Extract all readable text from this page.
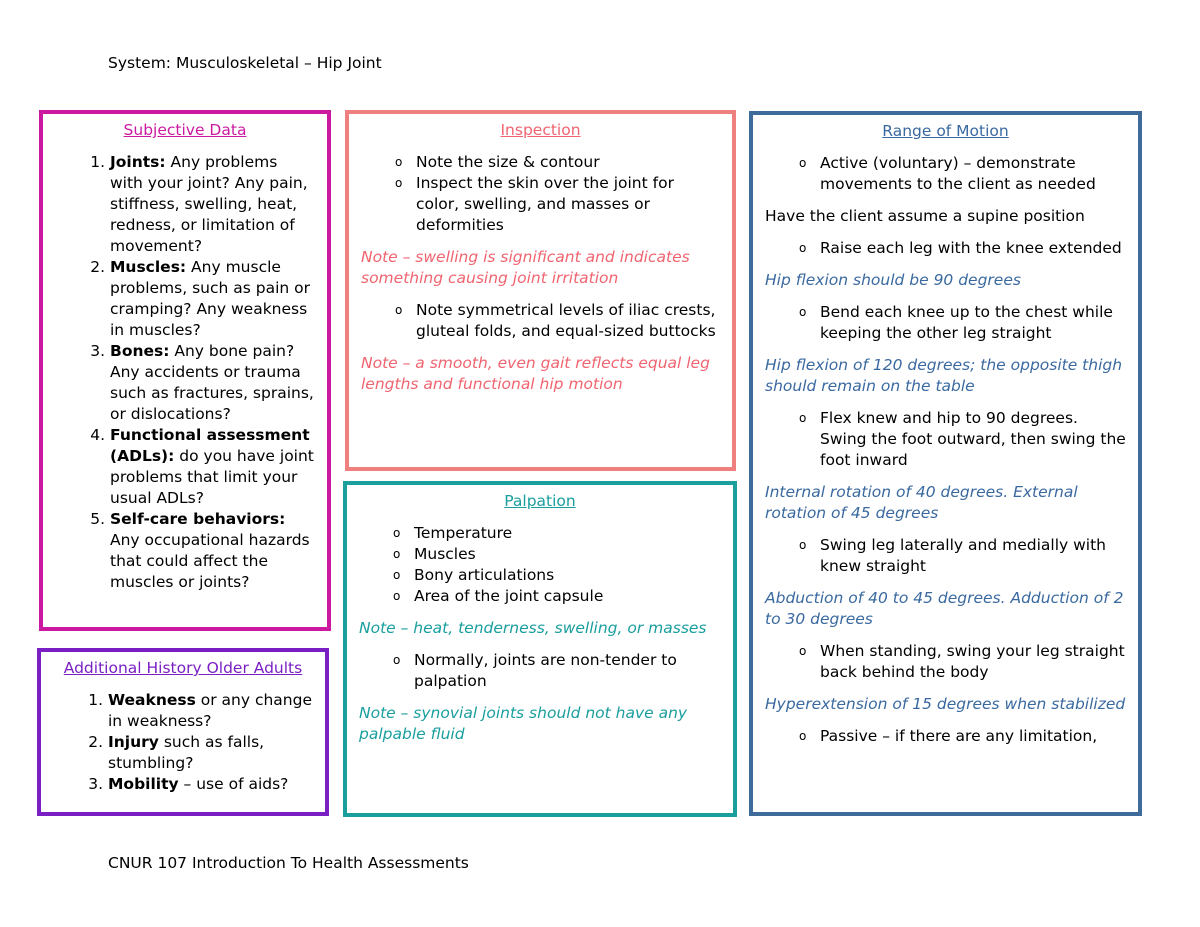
System: Musculoskeletal – Hip Joint
Subjective Data
1. Joints: Any problems with your joint? Any pain, stiffness, swelling, heat, redness, or limitation of movement?
2. Muscles: Any muscle problems, such as pain or cramping? Any weakness in muscles?
3. Bones: Any bone pain? Any accidents or trauma such as fractures, sprains, or dislocations?
4. Functional assessment (ADLs): do you have joint problems that limit your usual ADLs?
5. Self-care behaviors: Any occupational hazards that could affect the muscles or joints?
Additional History Older Adults
1. Weakness or any change in weakness?
2. Injury such as falls, stumbling?
3. Mobility – use of aids?
Inspection
o Note the size & contour
o Inspect the skin over the joint for color, swelling, and masses or deformities

Note – swelling is significant and indicates something causing joint irritation

o Note symmetrical levels of iliac crests, gluteal folds, and equal-sized buttocks

Note – a smooth, even gait reflects equal leg lengths and functional hip motion

Palpation
o Temperature
o Muscles
o Bony articulations
o Area of the joint capsule

Note – heat, tenderness, swelling, or masses

o Normally, joints are non-tender to palpation

Note – synovial joints should not have any palpable fluid

Range of Motion
o Active (voluntary) – demonstrate movements to the client as needed

Have the client assume a supine position

o Raise each leg with the knee extended

Hip flexion should be 90 degrees

o Bend each knee up to the chest while keeping the other leg straight

Hip flexion of 120 degrees; the opposite thigh should remain on the table

o Flex knew and hip to 90 degrees. Swing the foot outward, then swing the foot inward

Internal rotation of 40 degrees. External rotation of 45 degrees

o Swing leg laterally and medially with knew straight

Abduction of 40 to 45 degrees. Adduction of 2 to 30 degrees

o When standing, swing your leg straight back behind the body

Hyperextension of 15 degrees when stabilized

o Passive – if there are any limitation,
CNUR 107 Introduction To Health Assessments
